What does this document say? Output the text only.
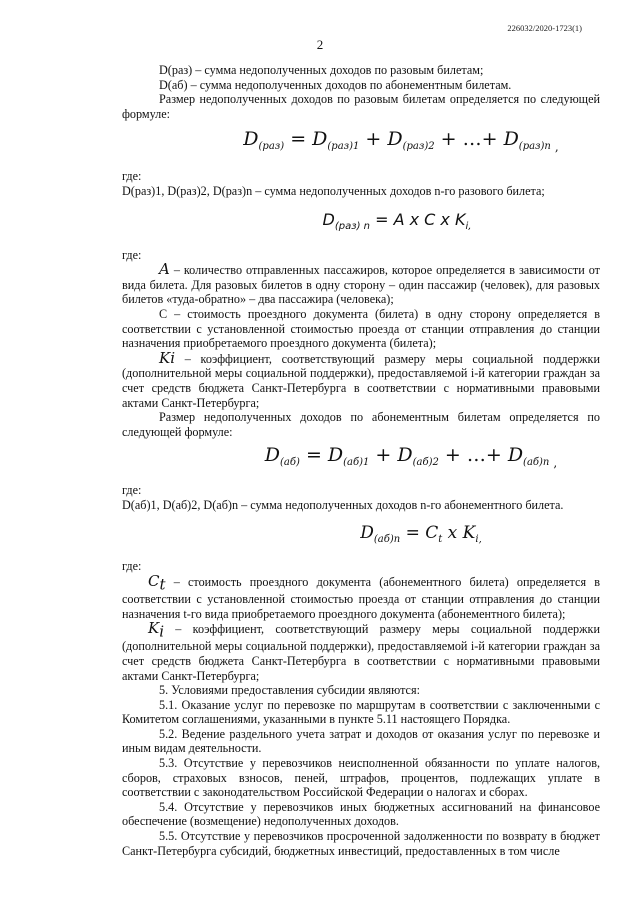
226032/2020-1723(1)
2

D(раз) – сумма недополученных доходов по разовым билетам;

D(аб) – сумма недополученных доходов по абонементным билетам.

Размер недополученных доходов по разовым билетам определяется по следующей формуле:

$D_{(раз)} = D_{(раз)1} + D_{(раз)2}$ + …+ $D_{(раз)n}$ ,

где:

D(раз)1, D(раз)2, D(раз)n – сумма недополученных доходов n-го разового билета;

$D_{(раз) n} = A$ x C x $K_{i,}$

где:

A – количество отправленных пассажиров, которое определяется в зависимости от вида билета. Для разовых билетов в одну сторону – один пассажир (человек), для разовых билетов «туда-обратно» – два пассажира (человека);

С – стоимость проездного документа (билета) в одну сторону определяется в соответствии с установленной стоимостью проезда от станции отправления до станции назначения приобретаемого проездного документа (билета);

Ki – коэффициент, соответствующий размеру меры социальной поддержки (дополнительной меры социальной поддержки), предоставляемой i-й категории граждан за счет средств бюджета Санкт-Петербурга в соответствии с нормативными правовыми актами Санкт-Петербурга;

Размер недополученных доходов по абонементным билетам определяется по следующей формуле:

$D_{(аб)} = D_{(аб)1} + D_{(аб)2}$ + …+ $D_{(аб)n}$ ,

где:

D(аб)1, D(аб)2, D(аб)n – сумма недополученных доходов n-го абонементного билета.

$D_{(аб)n} = C_t$ x $K_{i,}$

где:

$C_t$ – стоимость проездного документа (абонементного билета) определяется в соответствии с установленной стоимостью проезда от станции отправления до станции назначения t-го вида приобретаемого проездного документа (абонементного билета);

$K_i$ – коэффициент, соответствующий размеру меры социальной поддержки (дополнительной меры социальной поддержки), предоставляемой i-й категории граждан за счет средств бюджета Санкт-Петербурга в соответствии с нормативными правовыми актами Санкт-Петербурга;

5. Условиями предоставления субсидии являются:

5.1. Оказание услуг по перевозке по маршрутам в соответствии с заключенными с Комитетом соглашениями, указанными в пункте 5.11 настоящего Порядка.

5.2. Ведение раздельного учета затрат и доходов от оказания услуг по перевозке и иным видам деятельности.

5.3. Отсутствие у перевозчиков неисполненной обязанности по уплате налогов, сборов, страховых взносов, пеней, штрафов, процентов, подлежащих уплате в соответствии с законодательством Российской Федерации о налогах и сборах.

5.4. Отсутствие у перевозчиков иных бюджетных ассигнований на финансовое обеспечение (возмещение) недополученных доходов.

5.5. Отсутствие у перевозчиков просроченной задолженности по возврату в бюджет Санкт-Петербурга субсидий, бюджетных инвестиций, предоставленных в том числе
